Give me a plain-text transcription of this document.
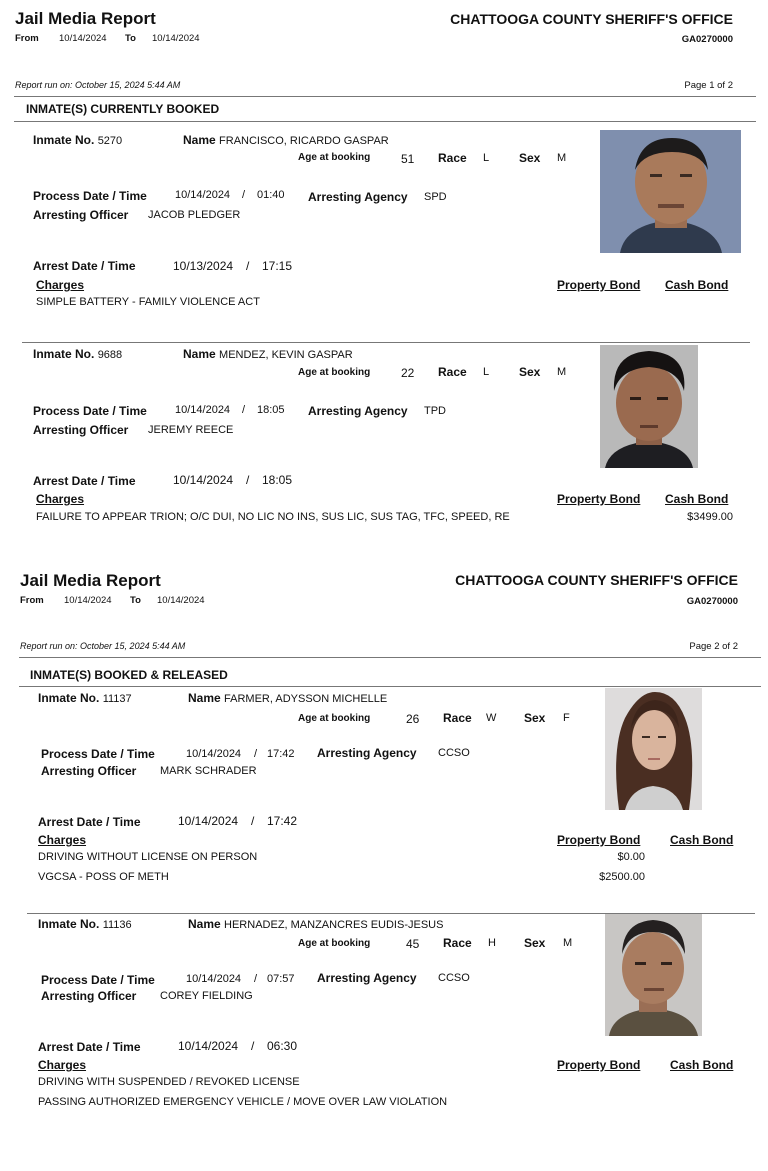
Jail Media Report
From 10/14/2024 To 10/14/2024
CHATTOOGA COUNTY SHERIFF'S OFFICE
GA0270000
Report run on: October 15, 2024 5:44 AM	Page 1 of 2
INMATE(S) CURRENTLY BOOKED
Inmate No. 5270	Name FRANCISCO, RICARDO GASPAR
Age at booking	51 Race L Sex M
Process Date / Time	10/14/2024 / 01:40 Arresting Agency SPD
Arresting Officer JACOB PLEDGER
Arrest Date / Time	10/13/2024 / 17:15
Charges	Property Bond Cash Bond
SIMPLE BATTERY - FAMILY VIOLENCE ACT
Inmate No. 9688	Name MENDEZ, KEVIN GASPAR
Age at booking	22 Race L Sex M
Process Date / Time	10/14/2024 / 18:05 Arresting Agency TPD
Arresting Officer JEREMY REECE
Arrest Date / Time	10/14/2024 / 18:05
Charges	Property Bond Cash Bond
FAILURE TO APPEAR TRION; O/C DUI, NO LIC NO INS, SUS LIC, SUS TAG, TFC, SPEED, RE	$3499.00
Jail Media Report
From 10/14/2024 To 10/14/2024
CHATTOOGA COUNTY SHERIFF'S OFFICE
GA0270000
Report run on: October 15, 2024 5:44 AM	Page 2 of 2
INMATE(S) BOOKED & RELEASED
Inmate No. 11137	Name FARMER, ADYSSON MICHELLE
Age at booking	26 Race W Sex F
Process Date / Time	10/14/2024 / 17:42 Arresting Agency CCSO
Arresting Officer MARK SCHRADER
Arrest Date / Time	10/14/2024 / 17:42
Charges	Property Bond Cash Bond
DRIVING WITHOUT LICENSE ON PERSON	$0.00
VGCSA - POSS OF METH	$2500.00
Inmate No. 11136	Name HERNADEZ, MANZANCRES EUDIS-JESUS
Age at booking	45 Race H Sex M
Process Date / Time	10/14/2024 / 07:57 Arresting Agency CCSO
Arresting Officer COREY FIELDING
Arrest Date / Time	10/14/2024 / 06:30
Charges	Property Bond Cash Bond
DRIVING WITH SUSPENDED / REVOKED LICENSE
PASSING AUTHORIZED EMERGENCY VEHICLE / MOVE OVER LAW VIOLATION
